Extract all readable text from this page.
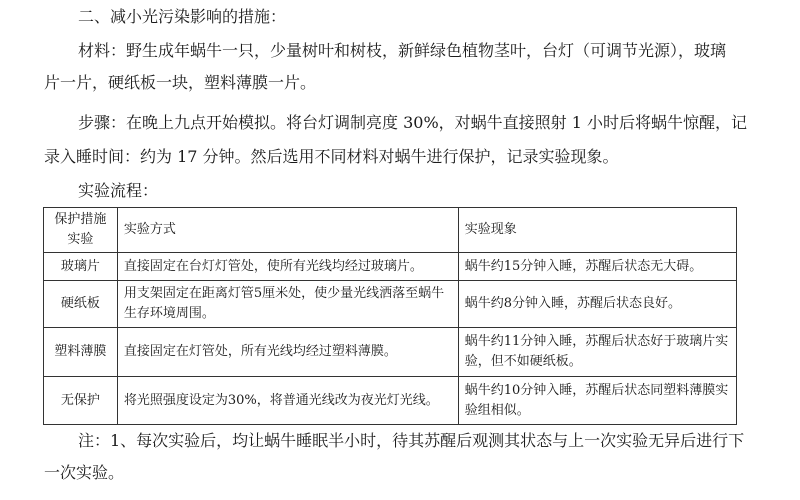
二、减小光污染影响的措施：
材料：野生成年蜗牛一只，少量树叶和树枝，新鲜绿色植物茎叶，台灯（可调节光源），玻璃
片一片，硬纸板一块，塑料薄膜一片。
步骤：在晚上九点开始模拟。将台灯调制亮度 30%，对蜗牛直接照射 1 小时后将蜗牛惊醒，记
录入睡时间：约为 17 分钟。然后选用不同材料对蜗牛进行保护，记录实验现象。
实验流程：
保护措施实验	实验方式	实验现象
玻璃片	直接固定在台灯灯管处，使所有光线均经过玻璃片。	蜗牛约15分钟入睡，苏醒后状态无大碍。
硬纸板	用支架固定在距离灯管5厘米处，使少量光线洒落至蜗牛生存环境周围。	蜗牛约8分钟入睡，苏醒后状态良好。
塑料薄膜	直接固定在灯管处，所有光线均经过塑料薄膜。	蜗牛约11分钟入睡，苏醒后状态好于玻璃片实验，但不如硬纸板。
无保护	将光照强度设定为30%，将普通光线改为夜光灯光线。	蜗牛约10分钟入睡，苏醒后状态同塑料薄膜实验组相似。
注：1、每次实验后，均让蜗牛睡眠半小时，待其苏醒后观测其状态与上一次实验无异后进行下
一次实验。
